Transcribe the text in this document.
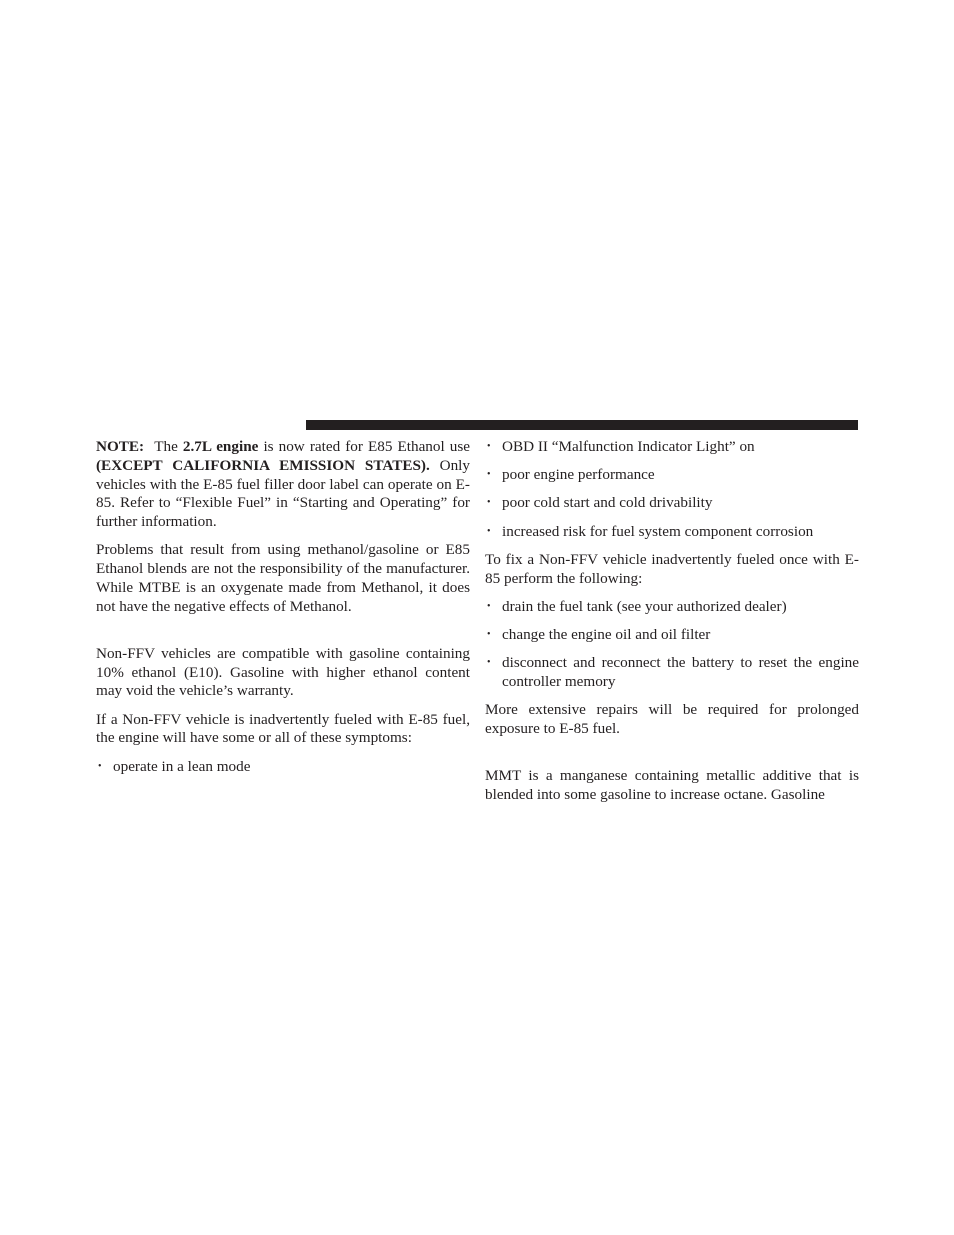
NOTE: The 2.7L engine is now rated for E85 Ethanol use (EXCEPT CALIFORNIA EMISSION STATES). Only vehicles with the E-85 fuel filler door label can operate on E-85. Refer to “Flexible Fuel” in “Starting and Operating” for further information.

Problems that result from using methanol/gasoline or E85 Ethanol blends are not the responsibility of the manufacturer. While MTBE is an oxygenate made from Methanol, it does not have the negative effects of Methanol.

Non-FFV vehicles are compatible with gasoline containing 10% ethanol (E10). Gasoline with higher ethanol content may void the vehicle’s warranty.

If a Non-FFV vehicle is inadvertently fueled with E-85 fuel, the engine will have some or all of these symptoms:

• operate in a lean mode
• OBD II “Malfunction Indicator Light” on
• poor engine performance
• poor cold start and cold drivability
• increased risk for fuel system component corrosion

To fix a Non-FFV vehicle inadvertently fueled once with E-85 perform the following:

• drain the fuel tank (see your authorized dealer)
• change the engine oil and oil filter
• disconnect and reconnect the battery to reset the engine controller memory

More extensive repairs will be required for prolonged exposure to E-85 fuel.

MMT is a manganese containing metallic additive that is blended into some gasoline to increase octane. Gasoline
